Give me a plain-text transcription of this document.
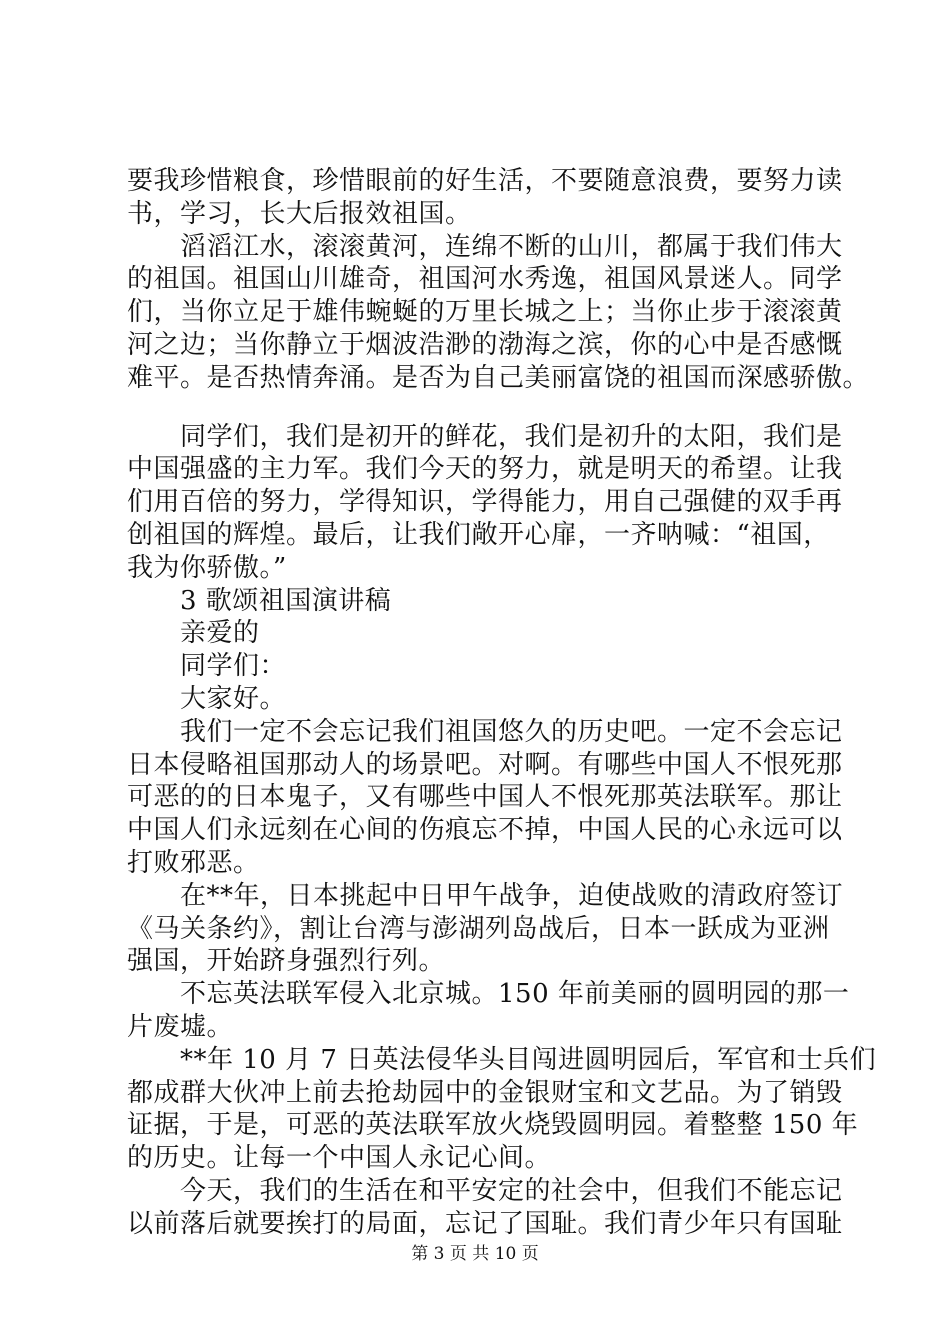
要我珍惜粮食，珍惜眼前的好生活，不要随意浪费，要努力读
书，学习，长大后报效祖国。
　　滔滔江水，滚滚黄河，连绵不断的山川，都属于我们伟大
的祖国。祖国山川雄奇，祖国河水秀逸，祖国风景迷人。同学
们，当你立足于雄伟蜿蜒的万里长城之上；当你止步于滚滚黄
河之边；当你静立于烟波浩渺的渤海之滨，你的心中是否感慨
难平。是否热情奔涌。是否为自己美丽富饶的祖国而深感骄傲。
　　同学们，我们是初开的鲜花，我们是初升的太阳，我们是
中国强盛的主力军。我们今天的努力，就是明天的希望。让我
们用百倍的努力，学得知识，学得能力，用自己强健的双手再
创祖国的辉煌。最后，让我们敞开心扉，一齐呐喊：“祖国，
我为你骄傲。”
　　3 歌颂祖国演讲稿
　　亲爱的
　　同学们：
　　大家好。
　　我们一定不会忘记我们祖国悠久的历史吧。一定不会忘记
日本侵略祖国那动人的场景吧。对啊。有哪些中国人不恨死那
可恶的的日本鬼子，又有哪些中国人不恨死那英法联军。那让
中国人们永远刻在心间的伤痕忘不掉，中国人民的心永远可以
打败邪恶。
　　在**年，日本挑起中日甲午战争，迫使战败的清政府签订
《马关条约》，割让台湾与澎湖列岛战后，日本一跃成为亚洲
强国，开始跻身强烈行列。
　　不忘英法联军侵入北京城。150 年前美丽的圆明园的那一
片废墟。
　　**年 10 月 7 日英法侵华头目闯进圆明园后，军官和士兵们
都成群大伙冲上前去抢劫园中的金银财宝和文艺品。为了销毁
证据，于是，可恶的英法联军放火烧毁圆明园。着整整 150 年
的历史。让每一个中国人永记心间。
　　今天，我们的生活在和平安定的社会中，但我们不能忘记
以前落后就要挨打的局面，忘记了国耻。我们青少年只有国耻
第 3 页 共 10 页
